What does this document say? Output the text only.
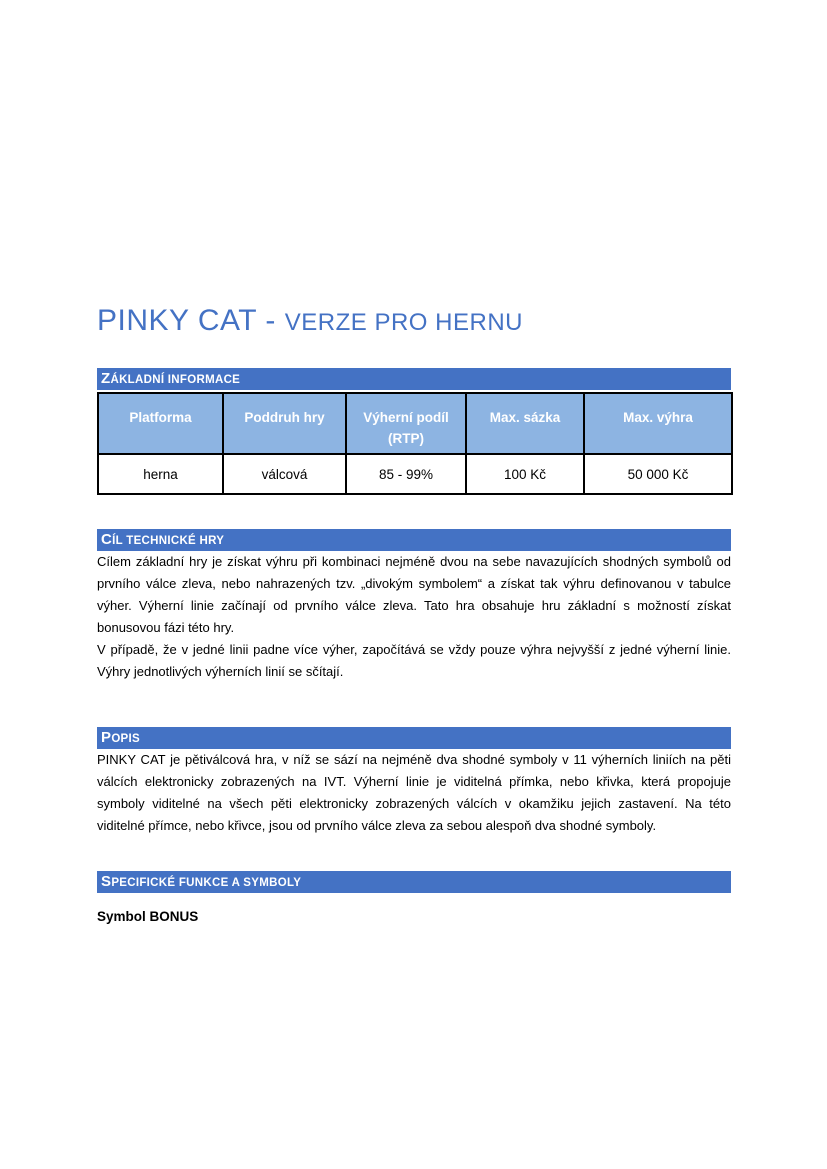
PINKY CAT - VERZE PRO HERNU
ZÁKLADNÍ INFORMACE
Platforma	Poddruh hry	Výherní podíl (RTP)	Max. sázka	Max. výhra
herna	válcová	85 - 99%	100 Kč	50 000 Kč
CÍL TECHNICKÉ HRY

Cílem základní hry je získat výhru při kombinaci nejméně dvou na sebe navazujících shodných symbolů od prvního válce zleva, nebo nahrazených tzv. „divokým symbolem“ a získat tak výhru definovanou v tabulce výher. Výherní linie začínají od prvního válce zleva. Tato hra obsahuje hru základní s možností získat bonusovou fázi této hry.

V případě, že v jedné linii padne více výher, započítává se vždy pouze výhra nejvyšší z jedné výherní linie. Výhry jednotlivých výherních linií se sčítají.

POPIS

PINKY CAT je pětiválcová hra, v níž se sází na nejméně dva shodné symboly v 11 výherních liniích na pěti válcích elektronicky zobrazených na IVT. Výherní linie je viditelná přímka, nebo křivka, která propojuje symboly viditelné na všech pěti elektronicky zobrazených válcích v okamžiku jejich zastavení. Na této viditelné přímce, nebo křivce, jsou od prvního válce zleva za sebou alespoň dva shodné symboly.

SPECIFICKÉ FUNKCE A SYMBOLY

Symbol BONUS
